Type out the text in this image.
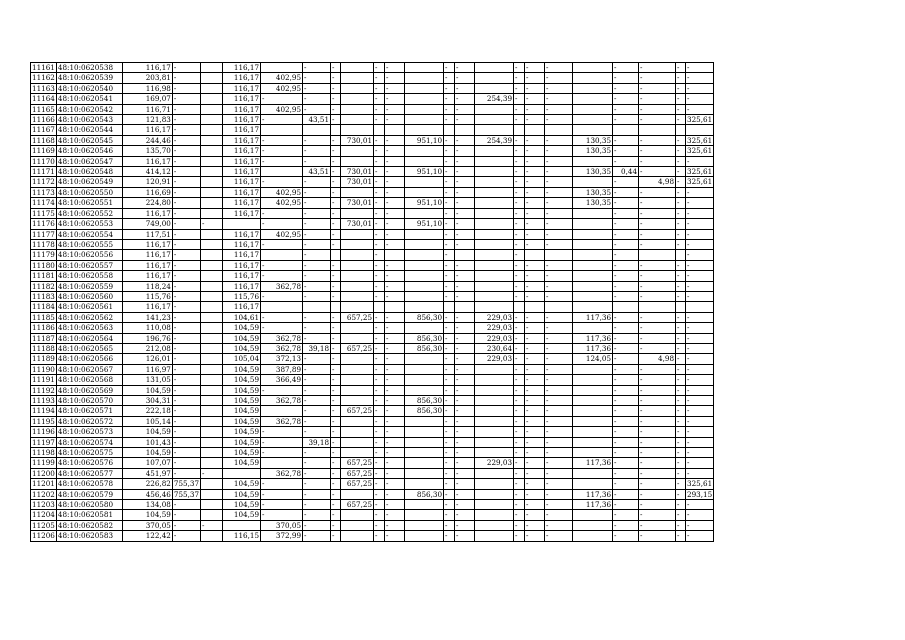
11161	48:10:0620538	116,17	-		116,17		-	-		-	-		-	-		-	-	-		-	-	-	-
11162	48:10:0620539	203,81	-		116,17	402,95	-	-		-	-		-	-		-	-	-		-	-	-	-
11163	48:10:0620540	116,98	-		116,17	402,95	-	-		-	-		-	-		-	-	-		-	-	-	-
11164	48:10:0620541	169,07	-		116,17	-	-	-		-	-		-	-	254,39	-	-	-		-	-	-	-
11165	48:10:0620542	116,71	-		116,17	402,95	-	-		-	-		-	-		-	-	-		-	-	-	-
11166	48:10:0620543	121,83	-		116,17	-	43,51	-		-	-		-	-		-	-	-		-	-	-	325,61
11167	48:10:0620544	116,17	-		116,17																		
11168	48:10:0620545	244,46	-		116,17	-	-	-	730,01	-	-	951,10	-	-	254,39	-	-	-	130,35	-	-	-	325,61
11169	48:10:0620546	135,70	-		116,17	-	-	-		-	-		-	-		-	-	-	130,35	-	-	-	325,61
11170	48:10:0620547	116,17	-		116,17	-	-	-		-	-		-	-		-	-	-		-	-	-	-
11171	48:10:0620548	414,12	-		116,17		43,51	-	730,01	-	-	951,10	-	-		-	-	-	130,35	0,44	-	-	325,61
11172	48:10:0620549	120,91	-		116,17	-	-	-	730,01	-	-		-	-		-	-	-		-	4,98	-	325,61
11173	48:10:0620550	116,69	-		116,17	402,95	-	-		-	-		-	-		-	-	-	130,35	-	-	-	-
11174	48:10:0620551	224,80	-		116,17	402,95	-	-	730,01	-	-	951,10	-	-		-	-	-	130,35	-	-	-	-
11175	48:10:0620552	116,17	-		116,17	-	-	-		-	-		-	-		-	-	-		-	-	-	-
11176	48:10:0620553	749,00	-	-		-	-	-	730,01	-	-	951,10	-	-		-	-	-		-	-	-	-
11177	48:10:0620554	117,51	-		116,17	402,95	-	-		-	-		-	-		-	-	-		-	-	-	-
11178	48:10:0620555	116,17	-		116,17	-	-	-		-	-		-	-		-	-	-		-	-	-	-
11179	48:10:0620556	116,17	-		116,17		-			-			-			-				-			-
11180	48:10:0620557	116,17	-		116,17	-	-	-		-	-		-	-		-	-	-		-	-	-	-
11181	48:10:0620558	116,17	-		116,17	-	-	-		-	-		-	-		-	-	-		-	-	-	-
11182	48:10:0620559	118,24	-		116,17	362,78	-	-		-	-		-	-		-	-	-		-	-	-	-
11183	48:10:0620560	115,76	-		115,76	-	-	-		-	-		-	-		-	-	-		-	-	-	-
11184	48:10:0620561	116,17	-		116,17																		
11185	48:10:0620562	141,23	-		104,61	-	-	-	657,25	-	-	856,30	-	-	229,03	-	-	-	117,36	-	-	-	-
11186	48:10:0620563	110,08	-		104,59	-	-	-		-	-		-	-	229,03	-	-	-		-	-	-	-
11187	48:10:0620564	196,76	-		104,59	362,78	-	-		-	-	856,30	-	-	229,03	-	-	-	117,36	-	-	-	-
11188	48:10:0620565	212,08	-		104,59	362,78	39,18	-	657,25	-	-	856,30	-	-	230,64	-	-	-	117,36	-	-	-	-
11189	48:10:0620566	126,01	-		105,04	372,13	-	-		-	-		-	-	229,03	-	-	-	124,05	-	4,98	-	-
11190	48:10:0620567	116,97	-		104,59	387,89	-	-		-	-		-	-		-	-	-		-	-	-	-
11191	48:10:0620568	131,05	-		104,59	366,49	-	-		-	-		-	-		-	-	-		-	-	-	-
11192	48:10:0620569	104,59	-		104,59	-	-	-		-	-		-	-		-	-	-		-	-	-	-
11193	48:10:0620570	304,31	-		104,59	362,78	-	-		-	-	856,30	-	-		-	-	-		-	-	-	-
11194	48:10:0620571	222,18	-		104,59		-	-	657,25	-	-	856,30	-	-		-	-	-		-	-	-	-
11195	48:10:0620572	105,14	-		104,59	362,78	-	-		-	-		-	-		-	-	-		-	-	-	-
11196	48:10:0620573	104,59	-		104,59	-	-	-		-	-		-	-		-	-	-		-	-	-	-
11197	48:10:0620574	101,43	-		104,59	-	39,18	-		-	-		-	-		-	-	-		-	-	-	-
11198	48:10:0620575	104,59	-		104,59	-	-	-		-	-		-	-		-	-	-		-	-	-	-
11199	48:10:0620576	107,07	-		104,59		-	-	657,25	-	-		-	-	229,03	-	-	-	117,36	-	-	-	-
11200	48:10:0620577	451,97	-	-		362,78	-	-	657,25	-	-		-	-		-	-	-		-	-	-	-
11201	48:10:0620578	226,82	755,37		104,59	-	-	-	657,25	-	-		-	-		-	-	-		-	-	-	325,61
11202	48:10:0620579	456,46	755,37		104,59	-	-	-		-	-	856,30	-	-		-	-	-	117,36	-	-	-	293,15
11203	48:10:0620580	134,08	-		104,59	-	-	-	657,25	-	-		-	-		-	-	-	117,36	-	-	-	-
11204	48:10:0620581	104,59	-		104,59	-	-	-		-	-		-	-		-	-	-		-	-	-	-
11205	48:10:0620582	370,05	-	-		370,05	-	-		-	-		-	-		-	-	-		-	-	-	-
11206	48:10:0620583	122,42	-		116,15	372,99	-	-		-	-		-	-		-	-	-		-	-	-	-
